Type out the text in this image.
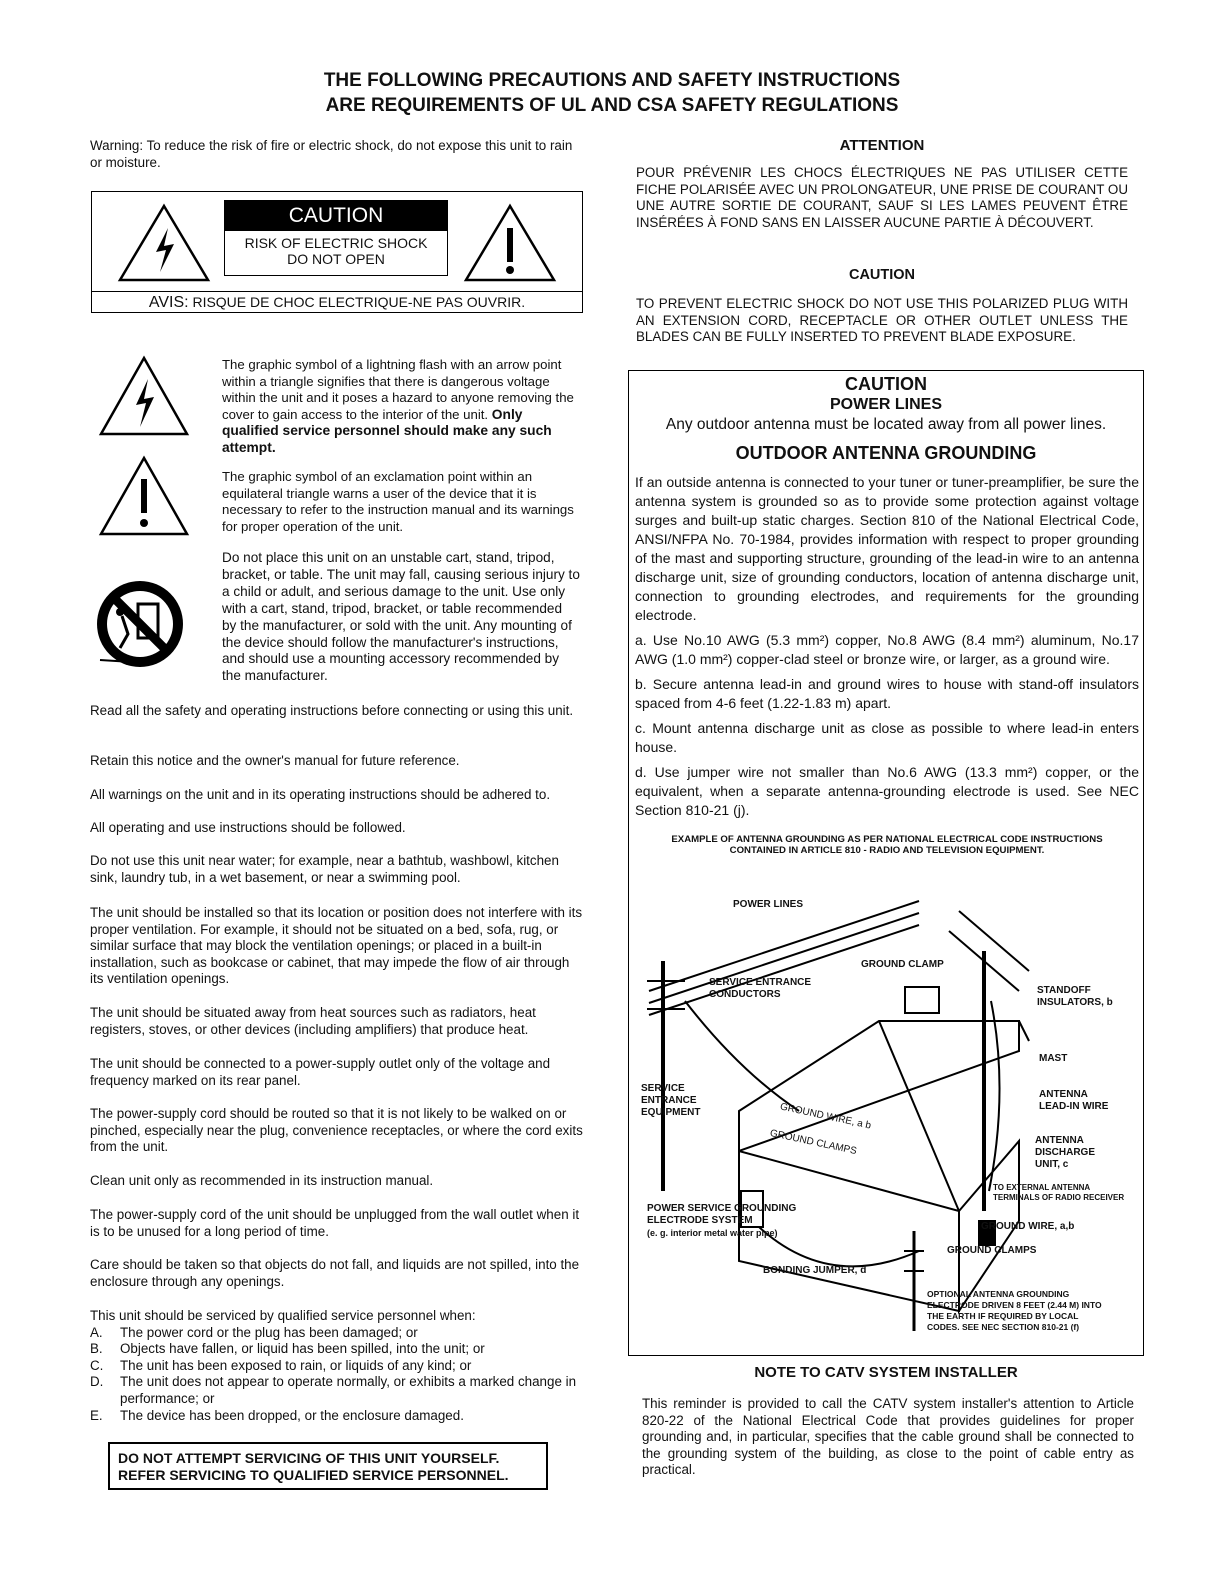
THE FOLLOWING PRECAUTIONS AND SAFETY INSTRUCTIONS
ARE REQUIREMENTS OF UL AND CSA SAFETY REGULATIONS
Warning: To reduce the risk of fire or electric shock, do not expose this unit to rain or moisture.
CAUTION
RISK OF ELECTRIC SHOCK
DO NOT OPEN
AVIS: RISQUE DE CHOC ELECTRIQUE-NE PAS OUVRIR.
The graphic symbol of a lightning flash with an arrow point within a triangle signifies that there is dangerous voltage within the unit and it poses a hazard to anyone removing the cover to gain access to the interior of the unit. Only qualified service personnel should make any such attempt.
The graphic symbol of an exclamation point within an equilateral triangle warns a user of the device that it is necessary to refer to the instruction manual and its warnings for proper operation of the unit.
Do not place this unit on an unstable cart, stand, tripod, bracket, or table. The unit may fall, causing serious injury to a child or adult, and serious damage to the unit. Use only with a cart, stand, tripod, bracket, or table recommended by the manufacturer, or sold with the unit. Any mounting of the device should follow the manufacturer's instructions, and should use a mounting accessory recommended by the manufacturer.
Read all the safety and operating instructions before connecting or using this unit.
Retain this notice and the owner's manual for future reference.
All warnings on the unit and in its operating instructions should be adhered to.
All operating and use instructions should be followed.
Do not use this unit near water; for example, near a bathtub, washbowl, kitchen sink, laundry tub, in a wet basement, or near a swimming pool.
The unit should be installed so that its location or position does not interfere with its proper ventilation. For example, it should not be situated on a bed, sofa, rug, or similar surface that may block the ventilation openings; or placed in a built-in installation, such as bookcase or cabinet, that may impede the flow of air through its ventilation openings.
The unit should be situated away from heat sources such as radiators, heat registers, stoves, or other devices (including amplifiers) that produce heat.
The unit should be connected to a power-supply outlet only of the voltage and frequency marked on its rear panel.
The power-supply cord should be routed so that it is not likely to be walked on or pinched, especially near the plug, convenience receptacles, or where the cord exits from the unit.
Clean unit only as recommended in its instruction manual.
The power-supply cord of the unit should be unplugged from the wall outlet when it is to be unused for a long period of time.
Care should be taken so that objects do not fall, and liquids are not spilled, into the enclosure through any openings.
This unit should be serviced by qualified service personnel when:
A.	The power cord or the plug has been damaged; or
B.	Objects have fallen, or liquid has been spilled, into the unit; or
C.	The unit has been exposed to rain, or liquids of any kind; or
D.	The unit does not appear to operate normally, or exhibits a marked change in performance; or
E.	The device has been dropped, or the enclosure damaged.
DO NOT ATTEMPT SERVICING OF THIS UNIT YOURSELF.
REFER SERVICING TO QUALIFIED SERVICE PERSONNEL.
ATTENTION
POUR PRÉVENIR LES CHOCS ÉLECTRIQUES NE PAS UTILISER CETTE FICHE POLARISÉE AVEC UN PROLONGATEUR, UNE PRISE DE COURANT OU UNE AUTRE SORTIE DE COURANT, SAUF SI LES LAMES PEUVENT ÊTRE INSÉRÉES À FOND SANS EN LAISSER AUCUNE PARTIE À DÉCOUVERT.
CAUTION
TO PREVENT ELECTRIC SHOCK DO NOT USE THIS POLARIZED PLUG WITH AN EXTENSION CORD, RECEPTACLE OR OTHER OUTLET UNLESS THE BLADES CAN BE FULLY INSERTED TO PREVENT BLADE EXPOSURE.
CAUTION
POWER LINES
Any outdoor antenna must be located away from all power lines.
OUTDOOR ANTENNA GROUNDING
If an outside antenna is connected to your tuner or tuner-preamplifier, be sure the antenna system is grounded so as to provide some protection against voltage surges and built-up static charges. Section 810 of the National Electrical Code, ANSI/NFPA No. 70-1984, provides information with respect to proper grounding of the mast and supporting structure, grounding of the lead-in wire to an antenna discharge unit, size of grounding conductors, location of antenna discharge unit, connection to grounding electrodes, and requirements for the grounding electrode.
a. Use No.10 AWG (5.3 mm²) copper, No.8 AWG (8.4 mm²) aluminum, No.17 AWG (1.0 mm²) copper-clad steel or bronze wire, or larger, as a ground wire.
b. Secure antenna lead-in and ground wires to house with stand-off insulators spaced from 4-6 feet (1.22-1.83 m) apart.
c. Mount antenna discharge unit as close as possible to where lead-in enters house.
d. Use jumper wire not smaller than No.6 AWG (13.3 mm²) copper, or the equivalent, when a separate antenna-grounding electrode is used. See NEC Section 810-21 (j).
EXAMPLE OF ANTENNA GROUNDING AS PER NATIONAL ELECTRICAL CODE INSTRUCTIONS
CONTAINED IN ARTICLE 810 - RADIO AND TELEVISION EQUIPMENT.
POWER LINES
GROUND CLAMP
SERVICE ENTRANCE
CONDUCTORS	STANDOFF
INSULATORS, b
MAST
SERVICE
ENTRANCE
EQUIPMENT
ANTENNA
LEAD-IN WIRE
GROUND WIRE, a b
GROUND CLAMPS	ANTENNA
DISCHARGE
UNIT, c
TO EXTERNAL ANTENNA
TERMINALS OF RADIO RECEIVER
POWER SERVICE GROUNDING
ELECTRODE SYSTEM
(e. g. interior metal water pipe)
GROUND WIRE, a,b
GROUND CLAMPS
BONDING JUMPER, d
OPTIONAL ANTENNA GROUNDING
ELECTRODE DRIVEN 8 FEET (2.44 M) INTO
THE EARTH IF REQUIRED BY LOCAL
CODES. SEE NEC SECTION 810-21 (f)
NOTE TO CATV SYSTEM INSTALLER
This reminder is provided to call the CATV system installer's attention to Article 820-22 of the National Electrical Code that provides guidelines for proper grounding and, in particular, specifies that the cable ground shall be connected to the grounding system of the building, as close to the point of cable entry as practical.
